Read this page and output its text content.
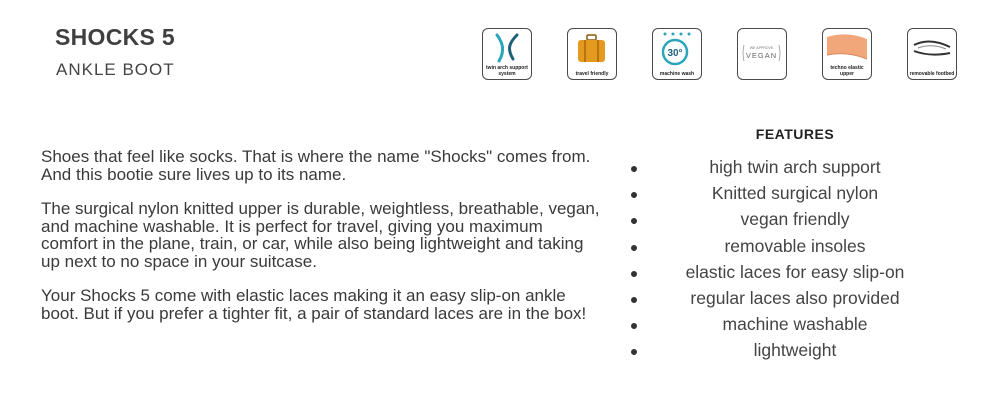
SHOCKS 5
ANKLE BOOT	twin arch support system	travel friendly
30°
machine wash
WE APPROVE
VEGAN
techno elastic upper	removable footbed

Shoes that feel like socks. That is where the name "Shocks" comes from. And this bootie sure lives up to its name.

The surgical nylon knitted upper is durable, weightless, breathable, vegan, and machine washable. It is perfect for travel, giving you maximum comfort in the plane, train, or car, while also being lightweight and taking up next to no space in your suitcase.

Your Shocks 5 come with elastic laces making it an easy slip-on ankle boot. But if you prefer a tighter fit, a pair of standard laces are in the box!

FEATURES
high twin arch support
Knitted surgical nylon
vegan friendly
removable insoles
elastic laces for easy slip-on
regular laces also provided
machine washable
lightweight
